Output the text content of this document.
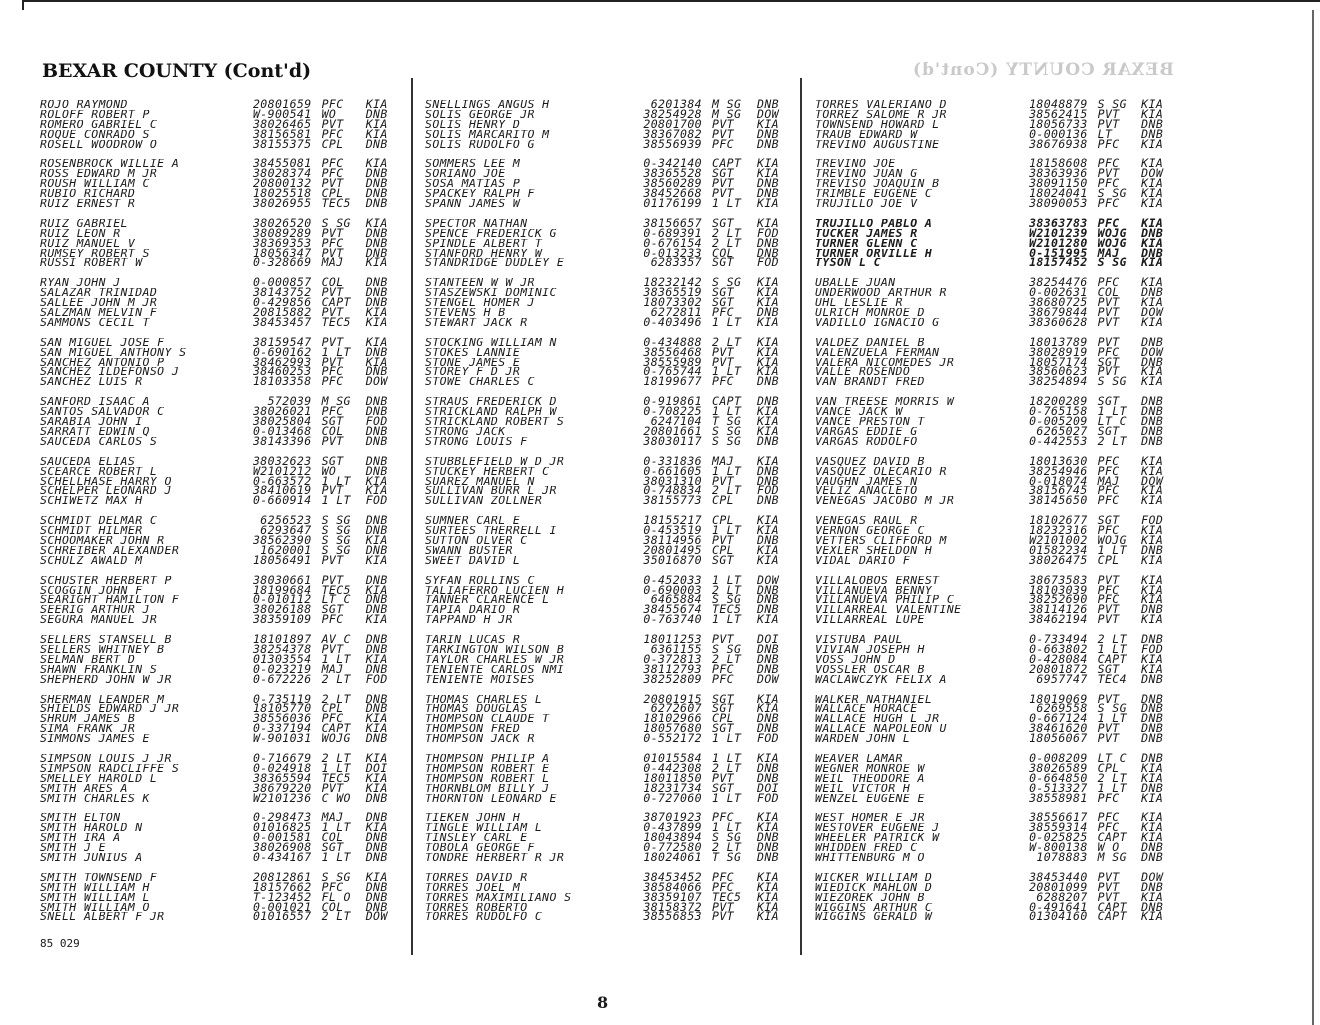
BEXAR COUNTY (Cont'd)
BEXAR COUNTY (Cont'd)
ROJO RAYMOND	20801659 PFC	KIA
ROLOFF ROBERT P	W-900541 WO	DNB
ROMERO GABRIEL C	38026465 PVT	KIA
ROQUE CONRADO S	38156581 PFC	KIA
ROSELL WOODROW O	38155375 CPL	DNB
ROSENBROCK WILLIE A	38455081 PFC	KIA
ROSS EDWARD M JR	38028374 PFC	DNB
ROUSH WILLIAM C	20800132 PVT	DNB
RUBIO RICHARD	18025518 CPL	DNB
RUIZ ERNEST R	38026955 TEC5	DNB
RUIZ GABRIEL	38026520 S SG	KIA
RUIZ LEON R	38089289 PVT	DNB
RUIZ MANUEL V	38369353 PFC	DNB
RUMSEY ROBERT S	18056347 PVT	DNB
RUSSI ROBERT W	0-328669 MAJ	KIA
RYAN JOHN J	0-000857 COL	DNB
SALAZAR TRINIDAD	38143752 PVT	DNB
SALLEE JOHN M JR	0-429856 CAPT	DNB
SALZMAN MELVIN F	20815882 PVT	KIA
SAMMONS CECIL T	38453457 TEC5	KIA
SAN MIGUEL JOSE F	38159547 PVT	KIA
SAN MIGUEL ANTHONY S	0-690162 1 LT	DNB
SANCHEZ ANTONIO P	38462993 PVT	KIA
SANCHEZ ILDEFONSO J	38460253 PFC	DNB
SANCHEZ LUIS R	18103358 PFC	DOW
SANFORD ISAAC A	572039 M SG	DNB
SANTOS SALVADOR C	38026021 PFC	DNB
SARABIA JOHN I	38025804 SGT	FOD
SARRATT EDWIN Q	0-013468 COL	DNB
SAUCEDA CARLOS S	38143396 PVT	DNB
SAUCEDA ELIAS	38032623 SGT	DNB
SCEARCE ROBERT L	W2101212 WO	DNB
SCHELLHASE HARRY O	0-663572 1 LT	KIA
SCHELPER LEONARD J	38410619 PVT	KIA
SCHIWETZ MAX H	0-660914 1 LT	FOD
SCHMIDT DELMAR C	6256523 S SG	DNB
SCHMIDT HILMER	6293647 S SG	DNB
SCHOOMAKER JOHN R	38562390 S SG	KIA
SCHREIBER ALEXANDER	1620001 S SG	DNB
SCHULZ AWALD M	18056491 PVT	KIA
SCHUSTER HERBERT P	38030661 PVT	DNB
SCOGGIN JOHN F	18199684 TEC5	KIA
SEARIGHT HAMILTON F	0-010112 LT C	DNB
SEERIG ARTHUR J	38026188 SGT	DNB
SEGURA MANUEL JR	38359109 PFC	KIA
SELLERS STANSELL B	18101897 AV C	DNB
SELLERS WHITNEY B	38254378 PVT	DNB
SELMAN BERT D	01303554 1 LT	KIA
SHAWN FRANKLIN S	0-023219 MAJ	DNB
SHEPHERD JOHN W JR	0-672226 2 LT	FOD
SHERMAN LEANDER M	0-735119 2 LT	DNB
SHIELDS EDWARD J JR	18105770 CPL	DNB
SHRUM JAMES B	38556036 PFC	KIA
SIMA FRANK JR	0-337194 CAPT	KIA
SIMMONS JAMES E	W-901031 WOJG	DNB
SIMPSON LOUIS J JR	0-716679 2 LT	KIA
SIMPSON RADCLIFFE S	0-024918 1 LT	DOI
SMELLEY HAROLD L	38365594 TEC5	KIA
SMITH ARES A	38679220 PVT	KIA
SMITH CHARLES K	W2101236 C WO	DNB
SMITH ELTON	0-298473 MAJ	DNB
SMITH HAROLD N	01016825 1 LT	KIA
SMITH IRA A	0-001581 COL	DNB
SMITH J E	38026908 SGT	DNB
SMITH JUNIUS A	0-434167 1 LT	DNB
SMITH TOWNSEND F	20812861 S SG	KIA
SMITH WILLIAM H	18157662 PFC	DNB
SMITH WILLIAM L	T-123452 FL O	DNB
SMITH WILLIAM O	0-001021 COL	DNB
SNELL ALBERT F JR	01016557 2 LT	DOW
SNELLINGS ANGUS H	6201384 M SG	DNB
SOLIS GEORGE JR	38254928 M SG	DOW
SOLIS HENRY D	20801700 PVT	KIA
SOLIS MARCARITO M	38367082 PVT	DNB
SOLIS RUDOLFO G	38556939 PFC	DNB
SOMMERS LEE M	0-342140 CAPT	KIA
SORIANO JOE	38365528 SGT	KIA
SOSA MATIAS P	38560289 PVT	DNB
SPACKEY RALPH F	38452668 PVT	DNB
SPANN JAMES W	01176199 1 LT	KIA
SPECTOR NATHAN	38156657 SGT	KIA
SPENCE FREDERICK G	0-689391 2 LT	FOD
SPINDLE ALBERT T	0-676154 2 LT	DNB
STANFORD HENRY W	0-013233 COL	DNB
STANDRIDGE DUDLEY E	6283357 SGT	FOD
STANTEEN W W JR	18232142 S SG	KIA
STASZEWSKI DOMINIC	38365519 SGT	KIA
STENGEL HOMER J	18073302 SGT	KIA
STEVENS H B	6272811 PFC	DNB
STEWART JACK R	0-403496 1 LT	KIA
STOCKING WILLIAM N	0-434888 2 LT	KIA
STOKES LANNIE	38556468 PVT	KIA
STONE JAMES E	38555989 PVT	KIA
STOREY F D JR	0-765744 1 LT	KIA
STOWE CHARLES C	18199677 PFC	DNB
STRAUS FREDERICK D	0-919861 CAPT	DNB
STRICKLAND RALPH W	0-708225 1 LT	KIA
STRICKLAND ROBERT S	6247104 T SG	KIA
STRONG JACK	20801661 S SG	KIA
STRONG LOUIS F	38030117 S SG	DNB
STUBBLEFIELD W D JR	0-331836 MAJ	KIA
STUCKEY HERBERT C	0-661605 1 LT	DNB
SUAREZ MANUEL N	38031310 PVT	DNB
SULLIVAN BURR L JR	0-748834 2 LT	FOD
SULLIVAN ZOLLNER	38155773 CPL	DNB
SUMNER CARL E	18155217 CPL	KIA
SURTEES THERRELL I	0-453519 1 LT	KIA
SUTTON OLVER C	38114956 PVT	DNB
SWANN BUSTER	20801495 CPL	KIA
SWEET DAVID L	35016870 SGT	KIA
SYFAN ROLLINS C	0-452033 1 LT	DOW
TALIAFERRO LUCIEN H	0-690003 2 LT	DNB
TANNER CLARENCE L	6465884 S SG	DNB
TAPIA DARIO R	38455674 TEC5	DNB
TAPPAND H JR	0-763740 1 LT	KIA
TARIN LUCAS R	18011253 PVT	DOI
TARKINGTON WILSON B	6361155 S SG	DNB
TAYLOR CHARLES W JR	0-372813 2 LT	DNB
TENIENTE CARLOS NMI	38112793 PFC	DNB
TENIENTE MOISES	38252809 PFC	DOW
THOMAS CHARLES L	20801915 SGT	KIA
THOMAS DOUGLAS	6272607 SGT	KIA
THOMPSON CLAUDE T	18102966 CPL	DNB
THOMPSON FRED	18057680 SGT	DNB
THOMPSON JACK R	0-552172 1 LT	FOD
THOMPSON PHILIP A	01015584 1 LT	KIA
THOMPSON ROBERT E	0-442308 2 LT	DNB
THOMPSON ROBERT L	18011850 PVT	DNB
THORNBLOM BILLY J	18231734 SGT	DOI
THORNTON LEONARD E	0-727060 1 LT	FOD
TIEKEN JOHN H	38701923 PFC	KIA
TINGLE WILLIAM L	0-437899 1 LT	KIA
TINSLEY CARL E	18043894 S SG	DNB
TOBOLA GEORGE F	0-772580 2 LT	DNB
TONDRE HERBERT R JR	18024061 T SG	DNB
TORRES DAVID R	38453452 PFC	KIA
TORRES JOEL M	38584066 PFC	KIA
TORRES MAXIMILIANO S	38359107 TEC5	KIA
TORRES ROBERTO	38158372 PVT	KIA
TORRES RUDOLFO C	38556853 PVT	KIA
TORRES VALERIANO D	18048879 S SG	KIA
TORREZ SALOME R JR	38562415 PVT	KIA
TOWNSEND HOWARD L	18056733 PVT	DNB
TRAUB EDWARD W	0-000136 LT	DNB
TREVINO AUGUSTINE	38676938 PFC	KIA
TREVINO JOE	18158608 PFC	KIA
TREVINO JUAN G	38363936 PVT	DOW
TREVISO JOAQUIN B	38091150 PFC	KIA
TRIMBLE EUGENE C	18024041 S SG	KIA
TRUJILLO JOE V	38090053 PFC	KIA
TRUJILLO PABLO A	38363783 PFC	KIA
TUCKER JAMES R	W2101239 WOJG	DNB
TURNER GLENN C	W2101280 WOJG	KIA
TURNER ORVILLE H	0-151995 MAJ	DNB
TYSON L C	18157452 S SG	KIA
UBALLE JUAN	38254476 PFC	KIA
UNDERWOOD ARTHUR R	0-002631 COL	DNB
UHL LESLIE R	38680725 PVT	KIA
ULRICH MONROE D	38679844 PVT	DOW
VADILLO IGNACIO G	38360628 PVT	KIA
VALDEZ DANIEL B	18013789 PVT	DNB
VALENZUELA FERMAN	38028919 PFC	DOW
VALERA NICOMEDES JR	18057174 SGT	DNB
VALLE ROSENDO	38560623 PVT	KIA
VAN BRANDT FRED	38254894 S SG	KIA
VAN TREESE MORRIS W	18200289 SGT	DNB
VANCE JACK W	0-765158 1 LT	DNB
VANCE PRESTON T	0-005209 LT C	DNB
VARGAS EDDIE G	6265027 SGT	DNB
VARGAS RODOLFO	0-442553 2 LT	DNB
VASQUEZ DAVID B	18013630 PFC	KIA
VASQUEZ OLECARIO R	38254946 PFC	KIA
VAUGHN JAMES N	0-018074 MAJ	DOW
VELIZ ANACLETO	38156745 PFC	KIA
VENEGAS JACOBO M JR	38145650 PFC	KIA
VENEGAS RAUL R	18102677 SGT	FOD
VERNON GEORGE C	18232316 PFC	KIA
VETTERS CLIFFORD M	W2101002 WOJG	KIA
VEXLER SHELDON H	01582234 1 LT	DNB
VIDAL DARIO F	38026475 CPL	KIA
VILLALOBOS ERNEST	38673583 PVT	KIA
VILLANUEVA BENNY	18103039 PFC	KIA
VILLANUEVA PHILIP C	38252690 PFC	KIA
VILLARREAL VALENTINE	38114126 PVT	DNB
VILLARREAL LUPE	38462194 PVT	KIA
VISTUBA PAUL	0-733494 2 LT	DNB
VIVIAN JOSEPH H	0-663802 1 LT	FOD
VOSS JOHN D	0-428084 CAPT	KIA
VOSSLER OSCAR B	20801872 SGT	KIA
WACLAWCZYK FELIX A	6957747 TEC4	DNB
WALKER NATHANIEL	18019069 PVT	DNB
WALLACE HORACE	6269558 S SG	DNB
WALLACE HUGH L JR	0-667124 1 LT	DNB
WALLACE NAPOLEON U	38461620 PVT	DNB
WARDEN JOHN L	18056067 PVT	DNB
WEAVER LAMAR	0-008209 LT C	DNB
WEGNER MONROE W	38026589 CPL	KIA
WEIL THEODORE A	0-664850 2 LT	KIA
WEIL VICTOR H	0-513327 1 LT	DNB
WENZEL EUGENE E	38558981 PFC	KIA
WEST HOMER E JR	38556617 PFC	KIA
WESTOVER EUGENE J	38559314 PFC	KIA
WHEELER PATRICK W	0-025825 CAPT	KIA
WHIDDEN FRED C	W-800138 W O	DNB
WHITTENBURG M O	1078883 M SG	DNB
WICKER WILLIAM D	38453440 PVT	DOW
WIEDICK MAHLON D	20801099 PVT	DNB
WIEZOREK JOHN B	6288207 PVT	KIA
WIGGINS ARTHUR C	0-491641 CAPT	DNB
WIGGINS GERALD W	01304160 CAPT	KIA
85 029
8
